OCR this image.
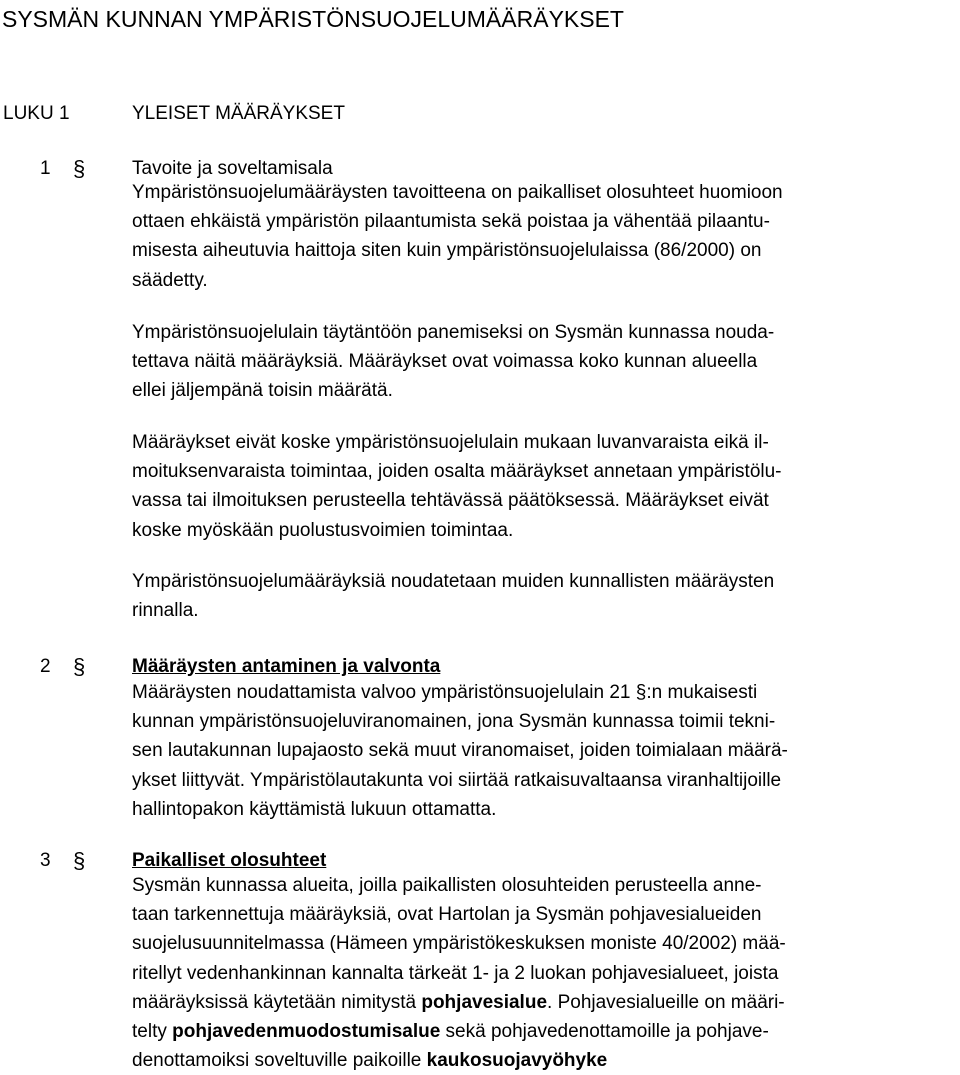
SYSMÄN KUNNAN YMPÄRISTÖNSUOJELUMÄÄRÄYKSET
LUKU 1	YLEISET MÄÄRÄYKSET
1 § Tavoite ja soveltamisala

Ympäristönsuojelumääräysten tavoitteena on paikalliset olosuhteet huomioon

ottaen ehkäistä ympäristön pilaantumista sekä poistaa ja vähentää pilaantu-

misesta aiheutuvia haittoja siten kuin ympäristönsuojelulaissa (86/2000) on

säädetty.

Ympäristönsuojelulain täytäntöön panemiseksi on Sysmän kunnassa nouda-

tettava näitä määräyksiä. Määräykset ovat voimassa koko kunnan alueella

ellei jäljempänä toisin määrätä.

Määräykset eivät koske ympäristönsuojelulain mukaan luvanvaraista eikä il-

moituksenvaraista toimintaa, joiden osalta määräykset annetaan ympäristölu-

vassa tai ilmoituksen perusteella tehtävässä päätöksessä. Määräykset eivät

koske myöskään puolustusvoimien toimintaa.

Ympäristönsuojelumääräyksiä noudatetaan muiden kunnallisten määräysten

rinnalla.

2 § Määräysten antaminen ja valvonta

Määräysten noudattamista valvoo ympäristönsuojelulain 21 §:n mukaisesti

kunnan ympäristönsuojeluviranomainen, jona Sysmän kunnassa toimii tekni-

sen lautakunnan lupajaosto sekä muut viranomaiset, joiden toimialaan määrä-

ykset liittyvät. Ympäristölautakunta voi siirtää ratkaisuvaltaansa viranhaltijoille

hallintopakon käyttämistä lukuun ottamatta.

3 § Paikalliset olosuhteet

Sysmän kunnassa alueita, joilla paikallisten olosuhteiden perusteella anne-

taan tarkennettuja määräyksiä, ovat Hartolan ja Sysmän pohjavesialueiden

suojelusuunnitelmassa (Hämeen ympäristökeskuksen moniste 40/2002) mää-

ritellyt vedenhankinnan kannalta tärkeät 1- ja 2 luokan pohjavesialueet, joista

määräyksissä käytetään nimitystä pohjavesialue. Pohjavesialueille on määri-

telty pohjavedenmuodostumisalue sekä pohjavedenottamoille ja pohjave-

denottamoiksi soveltuville paikoille kaukosuojavyöhyke
